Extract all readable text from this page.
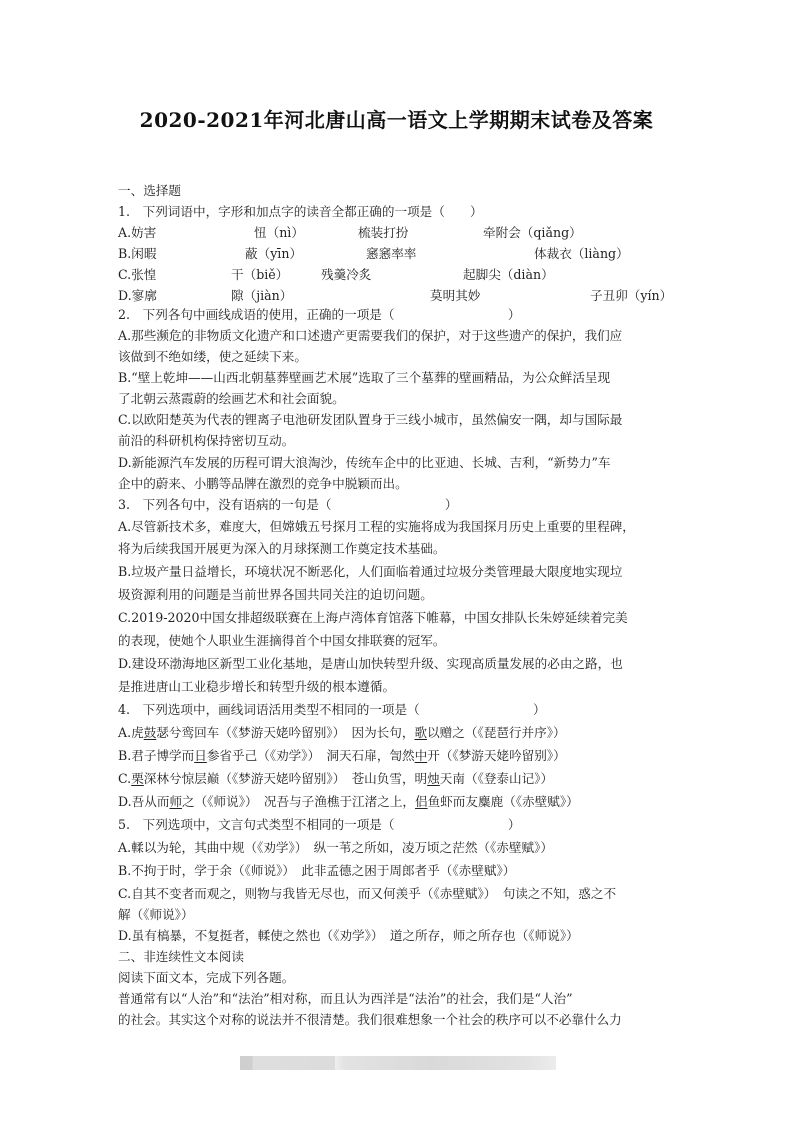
2020-2021年河北唐山高一语文上学期期末试卷及答案
一、选择题
1.　下列词语中，字形和加点字的读音全都正确的一项是（　　）
A.妨害	忸（nì）	梳装打扮	牵附会（qiǎng）
B.闲暇	蔽（yīn）	窸窸率率	体裁衣（liàng）
C.张惶	干（biě）	残羹冷炙	起脚尖（diàn）
D.寥廓	隙（jiàn）	莫明其妙	子丑卯（yín）
2.　下列各句中画线成语的使用，正确的一项是（　　　　　　　　　）
A.那些濒危的非物质文化遗产和口述遗产更需要我们的保护，对于这些遗产的保护，我们应
该做到不绝如缕，使之延续下来。
B.“壁上乾坤——山西北朝墓葬壁画艺术展”选取了三个墓葬的壁画精品，为公众鲜活呈现
了北朝云蒸霞蔚的绘画艺术和社会面貌。
C.以欧阳楚英为代表的锂离子电池研发团队置身于三线小城市，虽然偏安一隅，却与国际最
前沿的科研机构保持密切互动。
D.新能源汽车发展的历程可谓大浪淘沙，传统车企中的比亚迪、长城、吉利，“新势力”车
企中的蔚来、小鹏等品牌在激烈的竞争中脱颖而出。
3.　下列各句中，没有语病的一句是（　　　　　　　　　）
A.尽管新技术多，难度大，但嫦娥五号探月工程的实施将成为我国探月历史上重要的里程碑，
将为后续我国开展更为深入的月球探测工作奠定技术基础。
B.垃圾产量日益增长，环境状况不断恶化，人们面临着通过垃圾分类管理最大限度地实现垃
圾资源利用的问题是当前世界各国共同关注的迫切问题。
C.2019-2020中国女排超级联赛在上海卢湾体育馆落下帷幕，中国女排队长朱婷延续着完美
的表现，使她个人职业生涯摘得首个中国女排联赛的冠军。
D.建设环渤海地区新型工业化基地，是唐山加快转型升级、实现高质量发展的必由之路，也
是推进唐山工业稳步增长和转型升级的根本遵循。
4.　下列选项中，画线词语活用类型不相同的一项是（　　　　　　　　　）
A.虎鼓瑟兮鸾回车（《梦游天姥吟留别》）　因为长句，歌以赠之（《琵琶行并序》）
B.君子博学而日参省乎己（《劝学》）　洞天石扉，訇然中开（《梦游天姥吟留别》）
C.栗深林兮惊层巅（《梦游天姥吟留别》）　苍山负雪，明烛天南（《登泰山记》）
D.吾从而师之（《师说》）　况吾与子渔樵于江渚之上，侣鱼虾而友麋鹿（《赤壁赋》）
5.　下列选项中，文言句式类型不相同的一项是（　　　　　　　　　）
A.輮以为轮，其曲中规（《劝学》）　纵一苇之所如，凌万顷之茫然（《赤壁赋》）
B.不拘于时，学于余（《师说》）　此非孟德之困于周郎者乎（《赤壁赋》）
C.自其不变者而观之，则物与我皆无尽也，而又何羡乎（《赤壁赋》）　句读之不知，惑之不
解（《师说》）
D.虽有槁暴，不复挺者，輮使之然也（《劝学》）　道之所存，师之所存也（《师说》）
二、非连续性文本阅读
阅读下面文本，完成下列各题。
普通常有以“人治”和“法治”相对称，而且认为西洋是“法治”的社会，我们是“人治”
的社会。其实这个对称的说法并不很清楚。我们很难想象一个社会的秩序可以不必靠什么力
